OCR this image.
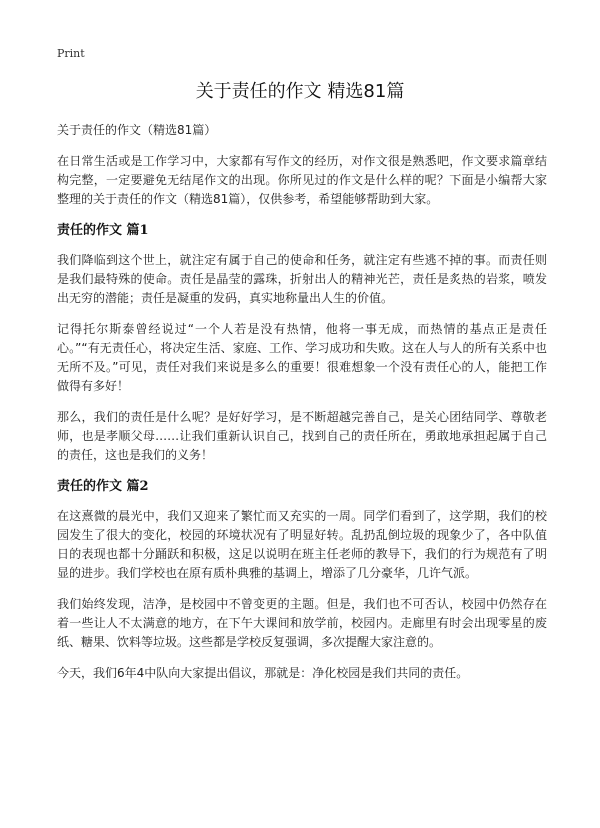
Print
关于责任的作文 精选81篇
关于责任的作文（精选81篇）

在日常生活或是工作学习中，大家都有写作文的经历，对作文很是熟悉吧，作文要求篇章结构完整，一定要避免无结尾作文的出现。你所见过的作文是什么样的呢？下面是小编帮大家整理的关于责任的作文（精选81篇），仅供参考，希望能够帮助到大家。

责任的作文 篇1

我们降临到这个世上，就注定有属于自己的使命和任务，就注定有些逃不掉的事。而责任则是我们最特殊的使命。责任是晶莹的露珠，折射出人的精神光芒，责任是炙热的岩浆，喷发出无穷的潜能；责任是凝重的发码，真实地称量出人生的价值。

记得托尔斯泰曾经说过“一个人若是没有热情，他将一事无成，而热情的基点正是责任心。”“有无责任心，将决定生活、家庭、工作、学习成功和失败。这在人与人的所有关系中也无所不及。”可见，责任对我们来说是多么的重要！很难想象一个没有责任心的人，能把工作做得有多好！

那么，我们的责任是什么呢？是好好学习，是不断超越完善自己，是关心团结同学、尊敬老师，也是孝顺父母……让我们重新认识自己，找到自己的责任所在，勇敢地承担起属于自己的责任，这也是我们的义务！

责任的作文 篇2

在这熹微的晨光中，我们又迎来了繁忙而又充实的一周。同学们看到了，这学期，我们的校园发生了很大的变化，校园的环境状况有了明显好转。乱扔乱倒垃圾的现象少了，各中队值日的表现也都十分踊跃和积极，这足以说明在班主任老师的教导下，我们的行为规范有了明显的进步。我们学校也在原有质朴典雅的基调上，增添了几分豪华，几许气派。

我们始终发现，洁净，是校园中不曾变更的主题。但是，我们也不可否认，校园中仍然存在着一些让人不太满意的地方，在下午大课间和放学前，校园内。走廊里有时会出现零星的废纸、糖果、饮料等垃圾。这些都是学校反复强调，多次提醒大家注意的。

今天，我们6年4中队向大家提出倡议，那就是：净化校园是我们共同的责任。
